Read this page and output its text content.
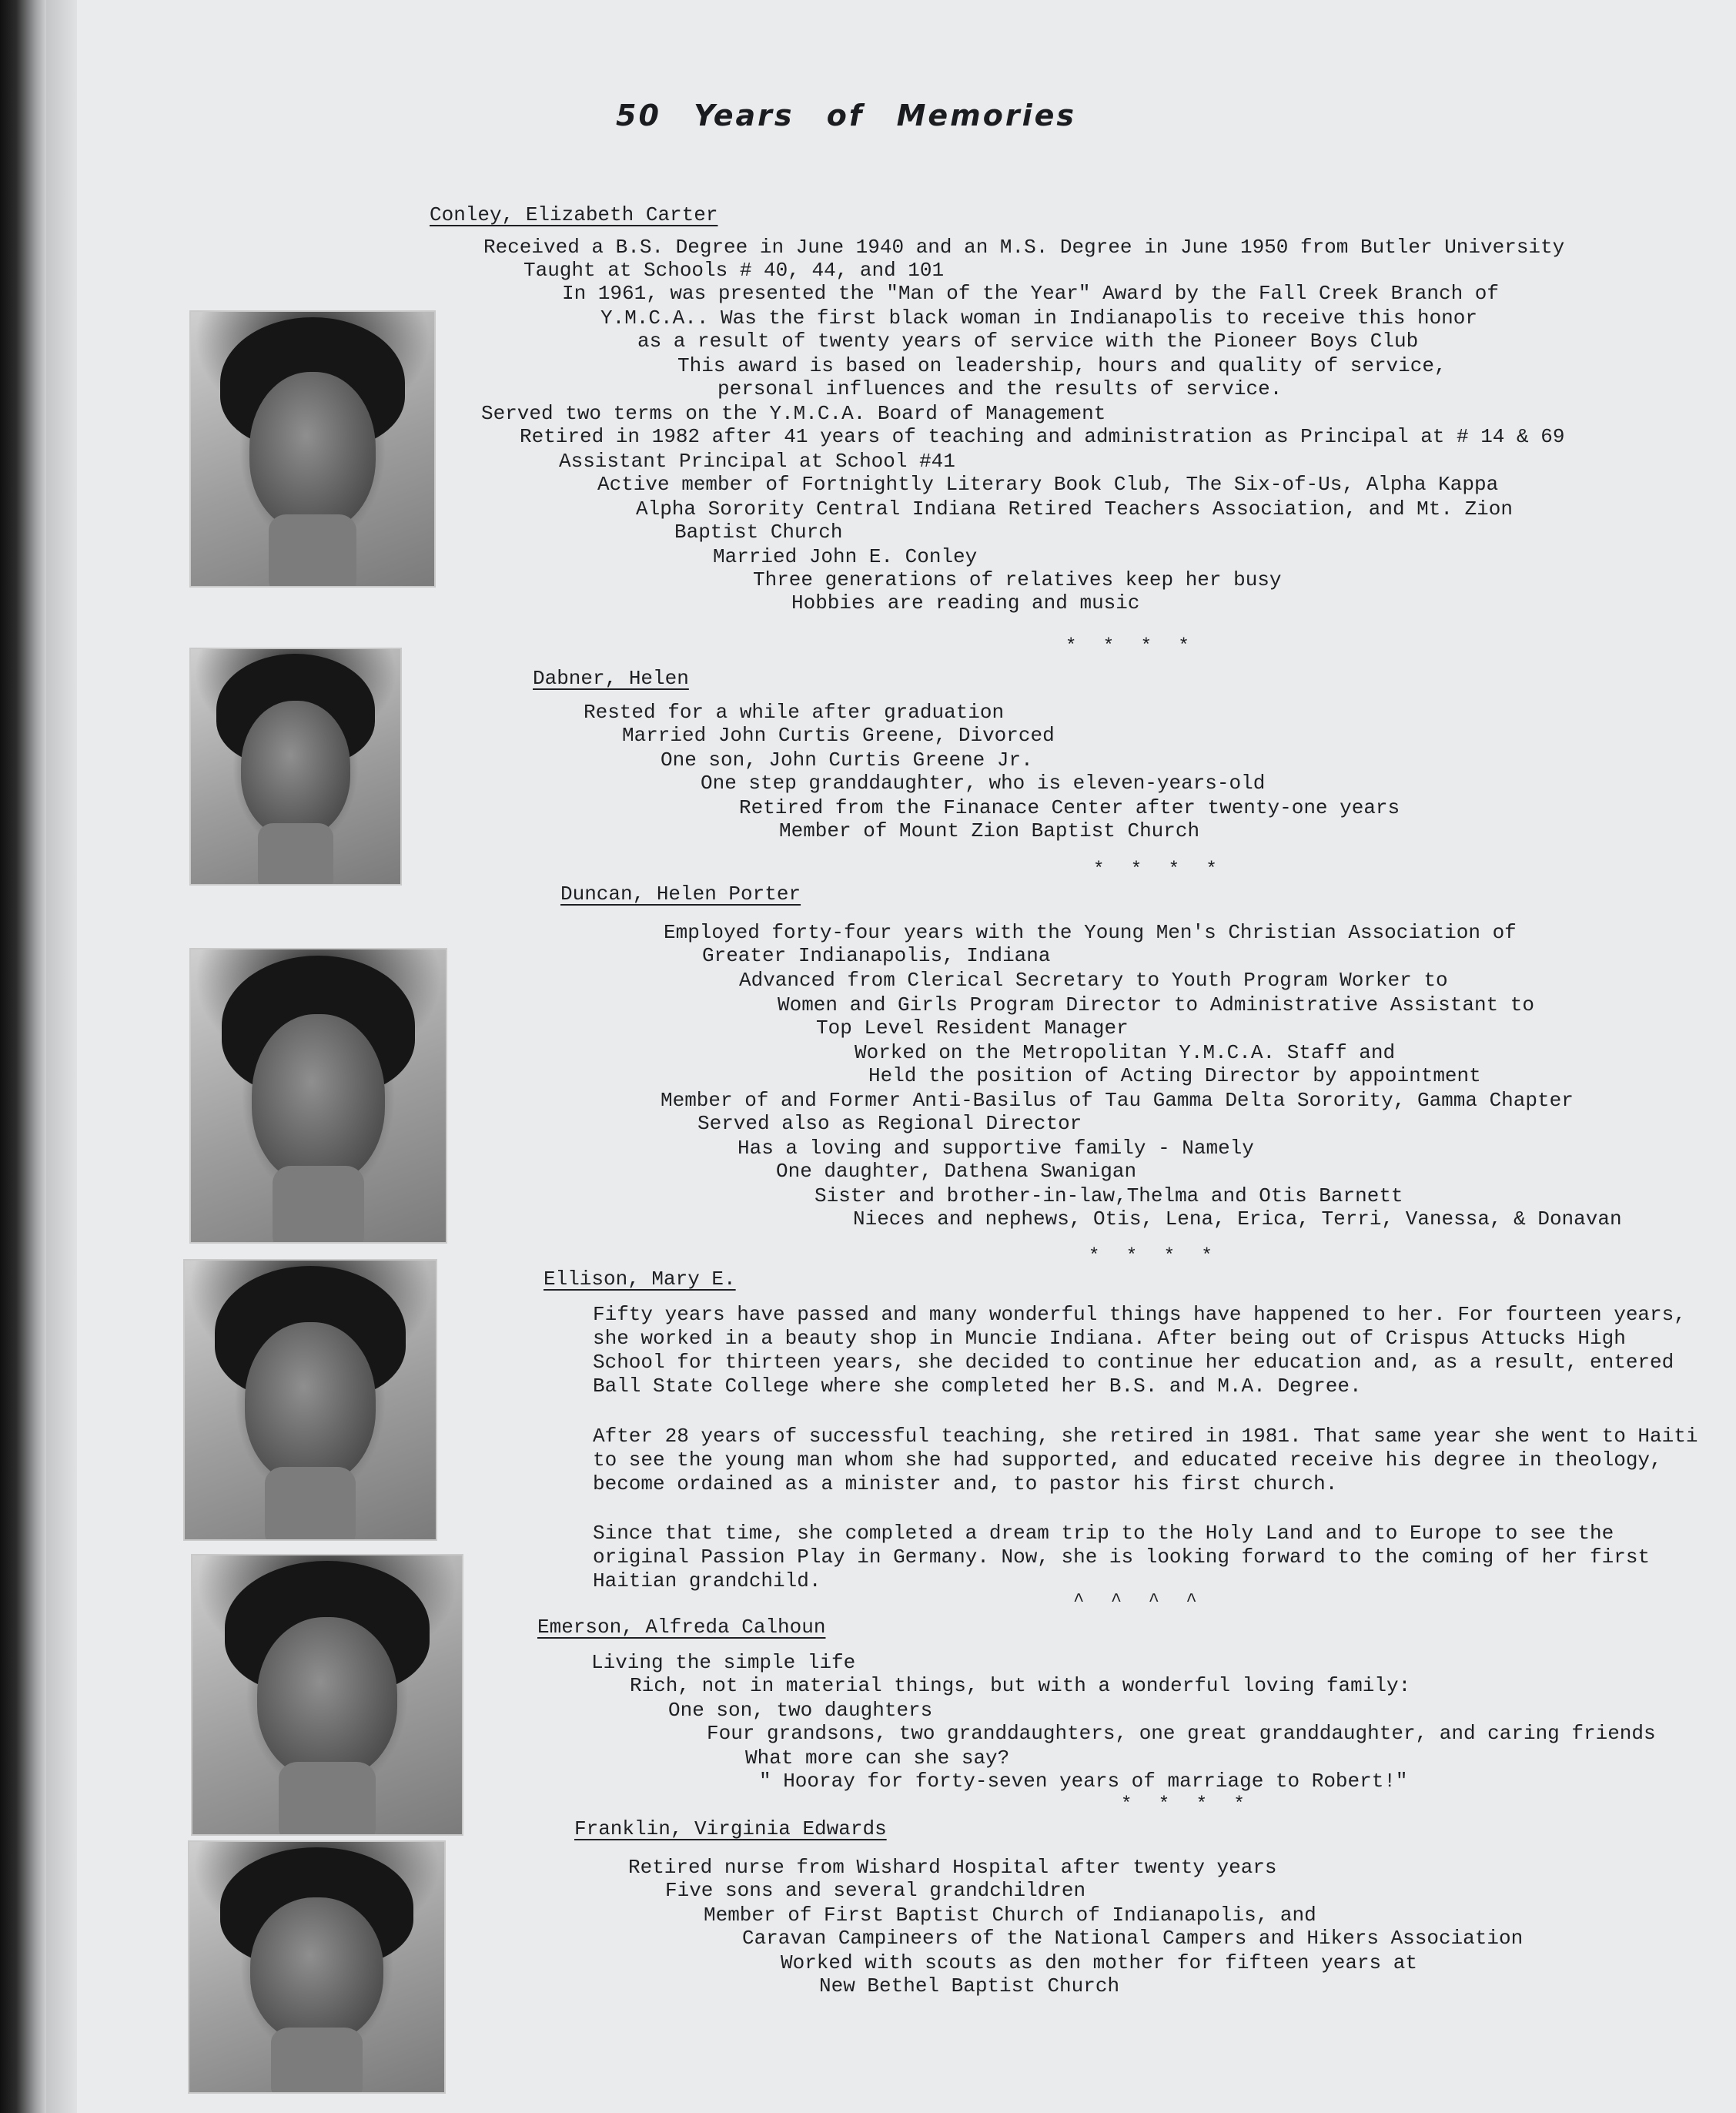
50 Years of Memories
Conley, Elizabeth Carter
Received a B.S. Degree in June 1940 and an M.S. Degree in June 1950 from Butler University
Taught at Schools # 40, 44, and 101
In 1961, was presented the "Man of the Year" Award by the Fall Creek Branch of
Y.M.C.A.. Was the first black woman in Indianapolis to receive this honor
as a result of twenty years of service with the Pioneer Boys Club
This award is based on leadership, hours and quality of service,
personal influences and the results of service.
Served two terms on the Y.M.C.A. Board of Management
Retired in 1982 after 41 years of teaching and administration as Principal at # 14 & 69
Assistant Principal at School #41
Active member of Fortnightly Literary Book Club, The Six-of-Us, Alpha Kappa
Alpha Sorority Central Indiana Retired Teachers Association, and Mt. Zion
Baptist Church
Married John E. Conley
Three generations of relatives keep her busy
Hobbies are reading and music
* * * *
Dabner, Helen
Rested for a while after graduation
Married John Curtis Greene, Divorced
One son, John Curtis Greene Jr.
One step granddaughter, who is eleven-years-old
Retired from the Finanace Center after twenty-one years
Member of Mount Zion Baptist Church
* * * *
Duncan, Helen Porter
Employed forty-four years with the Young Men's Christian Association of
Greater Indianapolis, Indiana
Advanced from Clerical Secretary to Youth Program Worker to
Women and Girls Program Director to Administrative Assistant to
Top Level Resident Manager
Worked on the Metropolitan Y.M.C.A. Staff and
Held the position of Acting Director by appointment
Member of and Former Anti-Basilus of Tau Gamma Delta Sorority, Gamma Chapter
Served also as Regional Director
Has a loving and supportive family - Namely
One daughter, Dathena Swanigan
Sister and brother-in-law,Thelma and Otis Barnett
Nieces and nephews, Otis, Lena, Erica, Terri, Vanessa, & Donavan
* * * *
Ellison, Mary E.

Fifty years have passed and many wonderful things have happened to her. For fourteen years, she worked in a beauty shop in Muncie Indiana. After being out of Crispus Attucks High School for thirteen years, she decided to continue her education and, as a result, entered Ball State College where she completed her B.S. and M.A. Degree.

After 28 years of successful teaching, she retired in 1981. That same year she went to Haiti to see the young man whom she had supported, and educated receive his degree in theology, become ordained as a minister and, to pastor his first church.

Since that time, she completed a dream trip to the Holy Land and to Europe to see the original Passion Play in Germany. Now, she is looking forward to the coming of her first Haitian grandchild.

^ ^ ^ ^
Emerson, Alfreda Calhoun
Living the simple life
Rich, not in material things, but with a wonderful loving family:
One son, two daughters
Four grandsons, two granddaughters, one great granddaughter, and caring friends
What more can she say?
" Hooray for forty-seven years of marriage to Robert!"
* * * *
Franklin, Virginia Edwards
Retired nurse from Wishard Hospital after twenty years
Five sons and several grandchildren
Member of First Baptist Church of Indianapolis, and
Caravan Campineers of the National Campers and Hikers Association
Worked with scouts as den mother for fifteen years at
New Bethel Baptist Church
